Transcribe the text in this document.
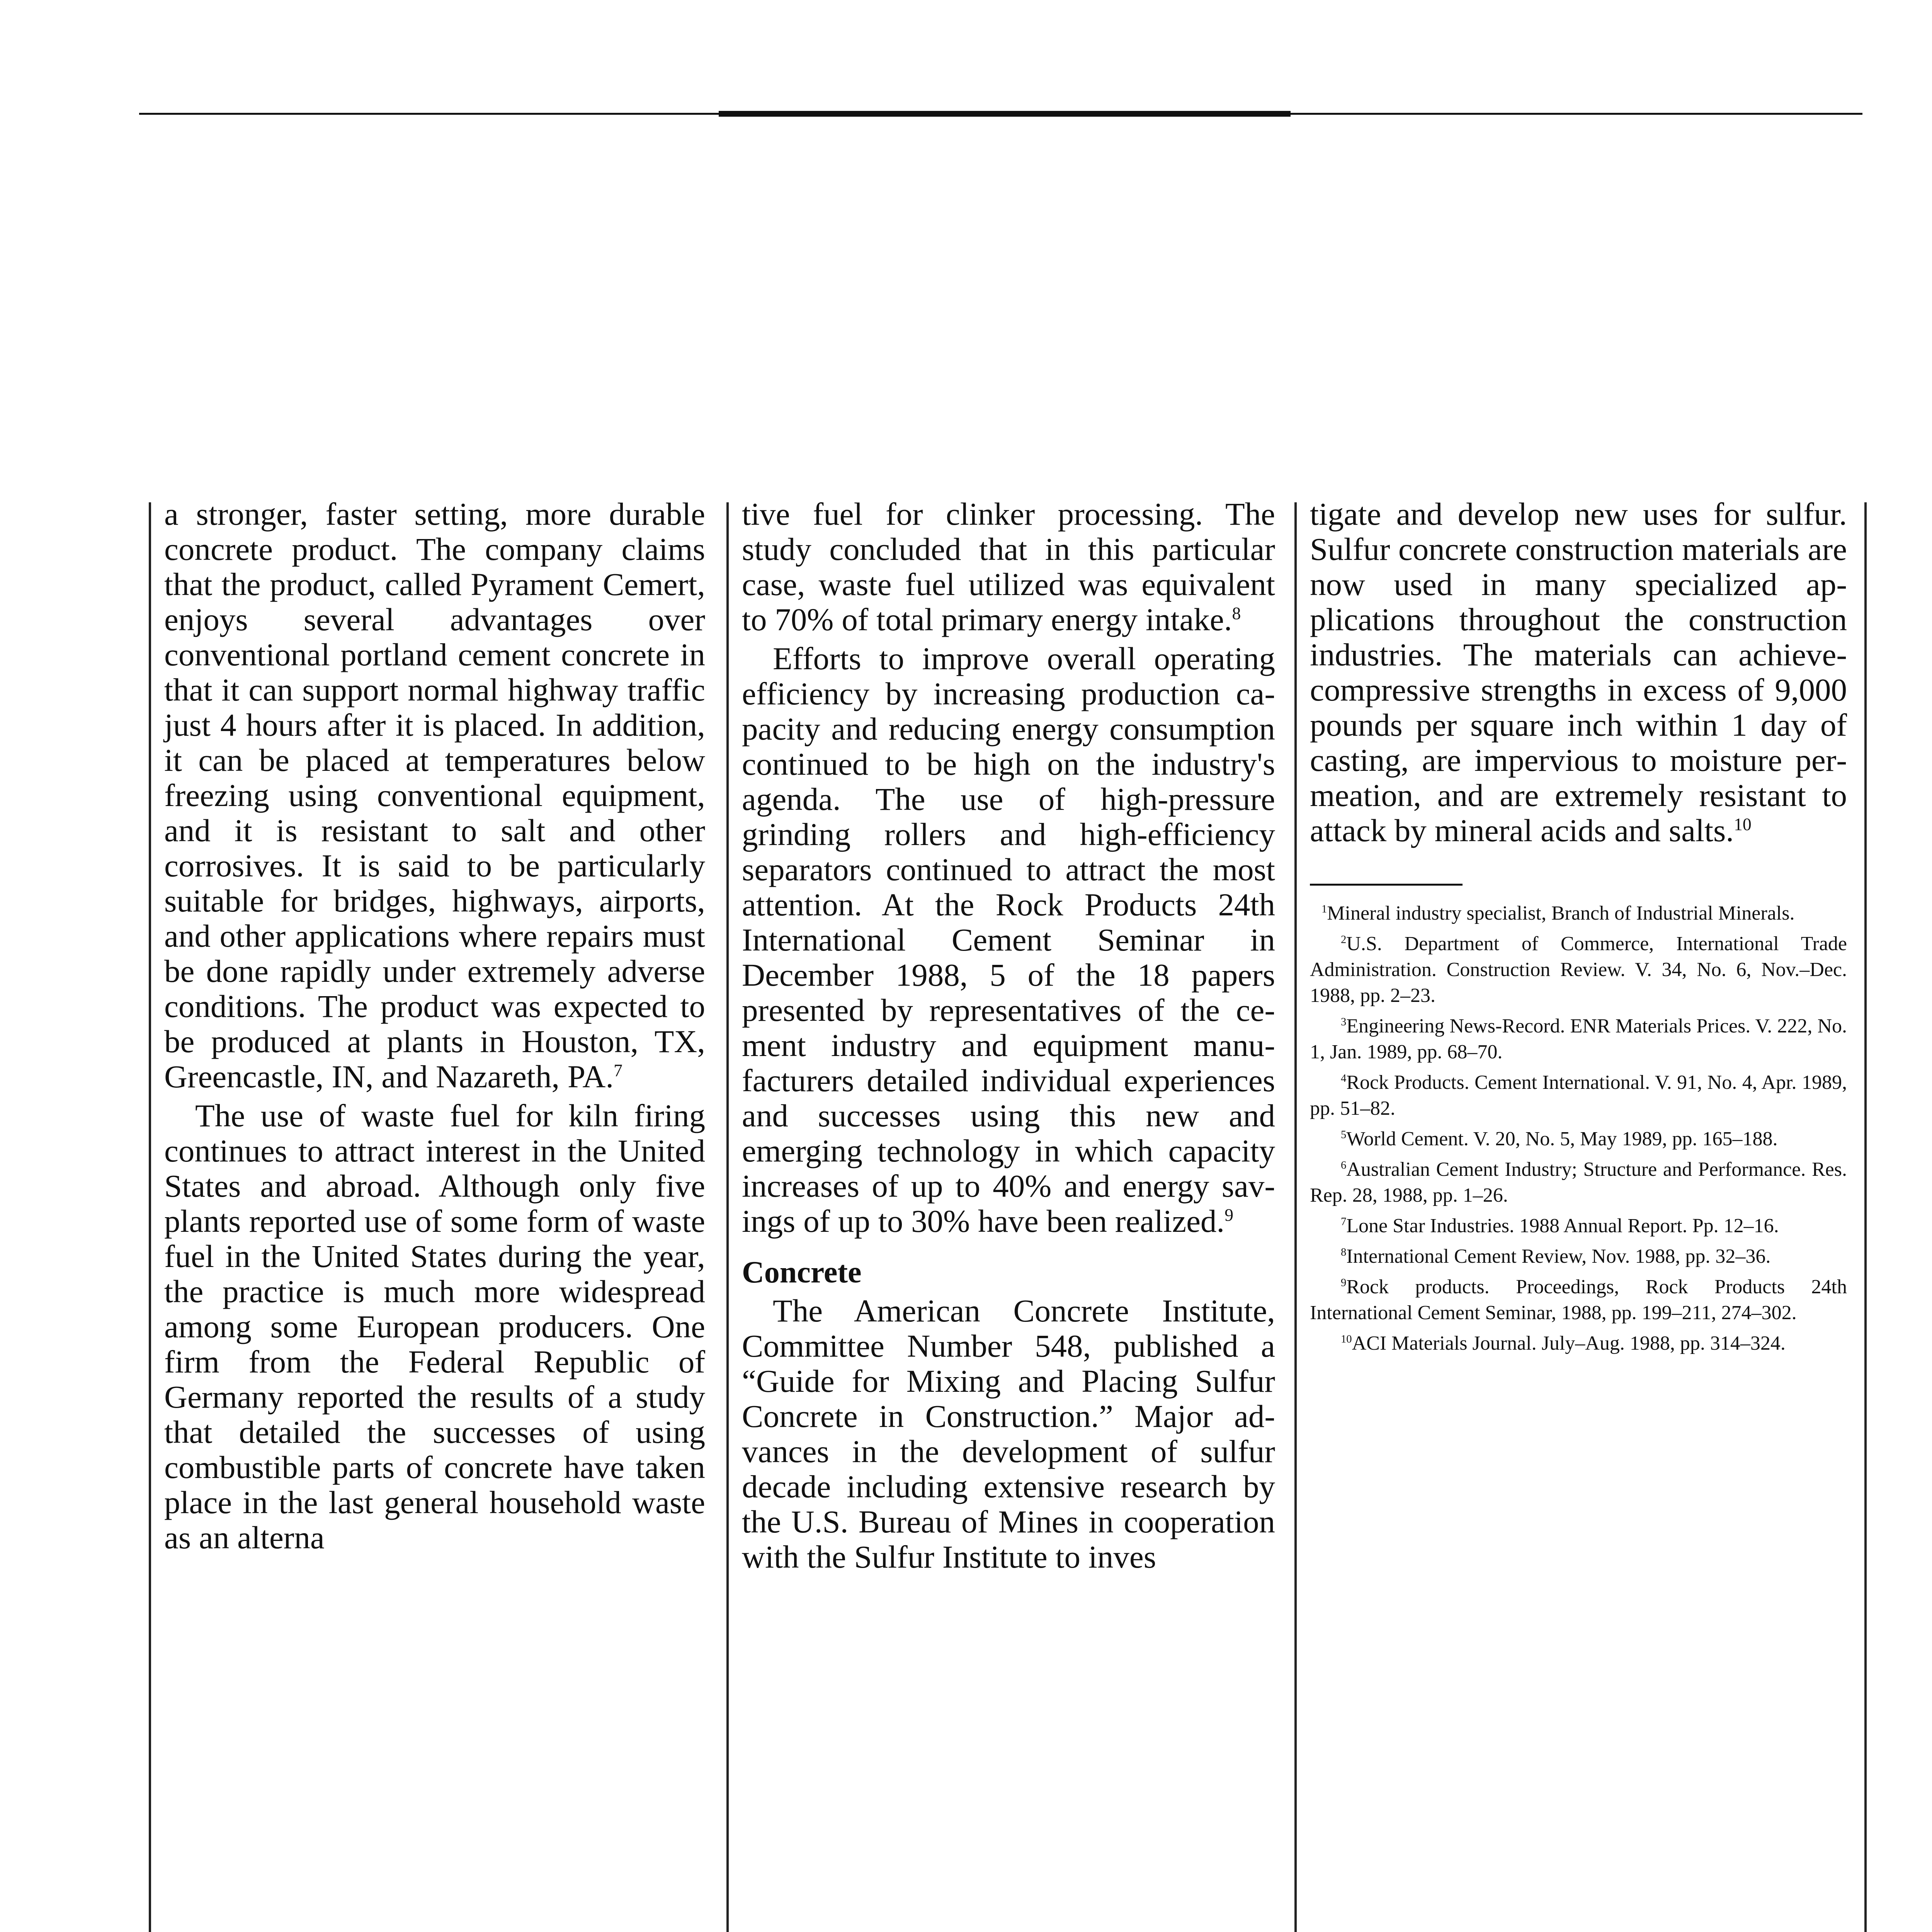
a stronger, faster setting, more durable concrete product. The company claims that the product, called Pyrament Cemert, enjoys several advantages over conventional portland cement concrete in that it can support normal highway traffic just 4 hours after it is placed. In addition, it can be placed at temperatures below freezing using conventional equipment, and it is resistant to salt and other corrosives. It is said to be particularly suitable for bridges, highways, airports, and other applications where repairs must be done rapidly under extremely adverse conditions. The product was expected to be produced at plants in Houston, TX, Greencastle, IN, and Nazareth, PA.$^7$

The use of waste fuel for kiln firing continues to attract interest in the United States and abroad. Although only five plants reported use of some form of waste fuel in the United States during the year, the practice is much more widespread among some European producers. One firm from the Federal Republic of Germany reported the results of a study that detailed the successes of using combustible parts of concrete have taken place in the last general household waste as an alterna

tive fuel for clinker processing. The study concluded that in this particular case, waste fuel utilized was equivalent to 70% of total primary energy intake.$^8$

Efforts to improve overall operating efficiency by increasing production capacity and reducing energy consumption continued to be high on the industry's agenda. The use of high-pressure grinding rollers and high-efficiency separators continued to attract the most attention. At the Rock Products 24th International Cement Seminar in December 1988, 5 of the 18 papers presented by representatives of the cement industry and equipment manufacturers detailed individual experiences and successes using this new and emerging technology in which capacity increases of up to 40% and energy savings of up to 30% have been realized.$^9$

Concrete

The American Concrete Institute, Committee Number 548, published a “Guide for Mixing and Placing Sulfur Concrete in Construction.” Major advances in the development of sulfur decade including extensive research by the U.S. Bureau of Mines in cooperation with the Sulfur Institute to inves

tigate and develop new uses for sulfur. Sulfur concrete construction materials are now used in many specialized applications throughout the construction industries. The materials can achievecompressive strengths in excess of 9,000 pounds per square inch within 1 day of casting, are impervious to moisture permeation, and are extremely resistant to attack by mineral acids and salts.$^{10}$

$^1$Mineral industry specialist, Branch of Industrial Minerals.

$^2$U.S. Department of Commerce, International Trade Administration. Construction Review. V. 34, No. 6, Nov.–Dec. 1988, pp. 2–23.

$^3$Engineering News-Record. ENR Materials Prices. V. 222, No. 1, Jan. 1989, pp. 68–70.

$^4$Rock Products. Cement International. V. 91, No. 4, Apr. 1989, pp. 51–82.

$^5$World Cement. V. 20, No. 5, May 1989, pp. 165–188.

$^6$Australian Cement Industry; Structure and Performance. Res. Rep. 28, 1988, pp. 1–26.

$^7$Lone Star Industries. 1988 Annual Report. Pp. 12–16.

$^8$International Cement Review, Nov. 1988, pp. 32–36.

$^9$Rock products. Proceedings, Rock Products 24th International Cement Seminar, 1988, pp. 199–211, 274–302.

$^{10}$ACI Materials Journal. July–Aug. 1988, pp. 314–324.
